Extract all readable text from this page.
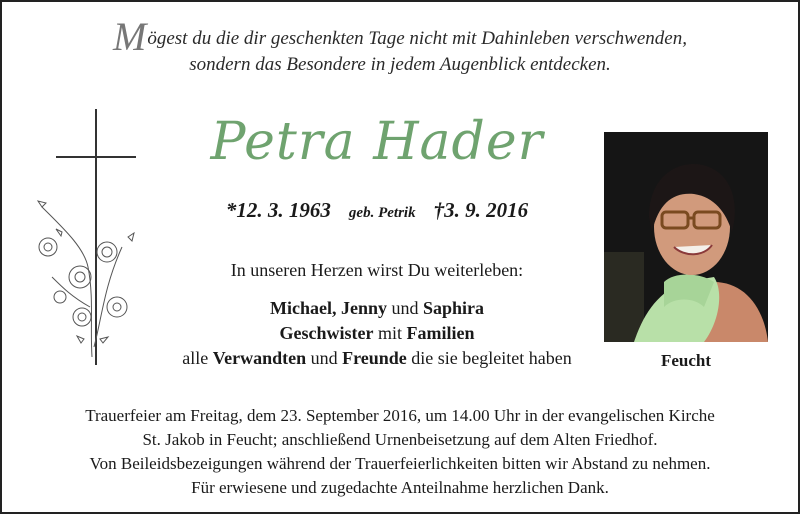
Mögest du die dir geschenkten Tage nicht mit Dahinleben verschwenden,
sondern das Besondere in jedem Augenblick entdecken.
Petra Hader
*12. 3. 1963 geb. Petrik †3. 9. 2016
In unseren Herzen wirst Du weiterleben:
Michael, Jenny und Saphira
Geschwister mit Familien
alle Verwandten und Freunde die sie begleitet haben	Feucht
Trauerfeier am Freitag, dem 23. September 2016, um 14.00 Uhr in der evangelischen Kirche
St. Jakob in Feucht; anschließend Urnenbeisetzung auf dem Alten Friedhof.
Von Beileidsbezeigungen während der Trauerfeierlichkeiten bitten wir Abstand zu nehmen.
Für erwiesene und zugedachte Anteilnahme herzlichen Dank.
